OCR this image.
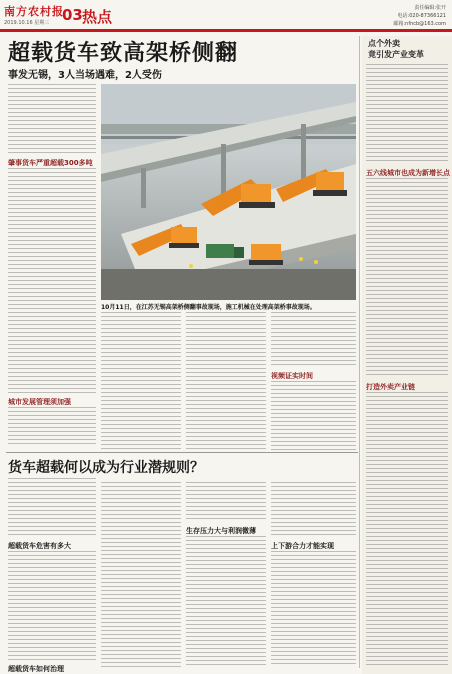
南方农村报
2019.10.16 星期三 03 热点	责任编辑:张开
电话:020-87366121
邮箱:nfncb@163.com
点个外卖
竟引发产业变革
五六线城市也成为新增长点
打造外卖产业链
超载货车致高架桥侧翻
事发无锡，3人当场遇难，2人受伤
肇事货车严重超载300多吨
城市发展管理须加强
10月11日，在江苏无锡高架桥侧翻事故现场，施工机械在处理高架桥事故现场。
视频证实时间
货车超载何以成为行业潜规则？
超载货车危害有多大
超载货车如何治理
生存压力大与利润微薄
上下游合力才能实现
